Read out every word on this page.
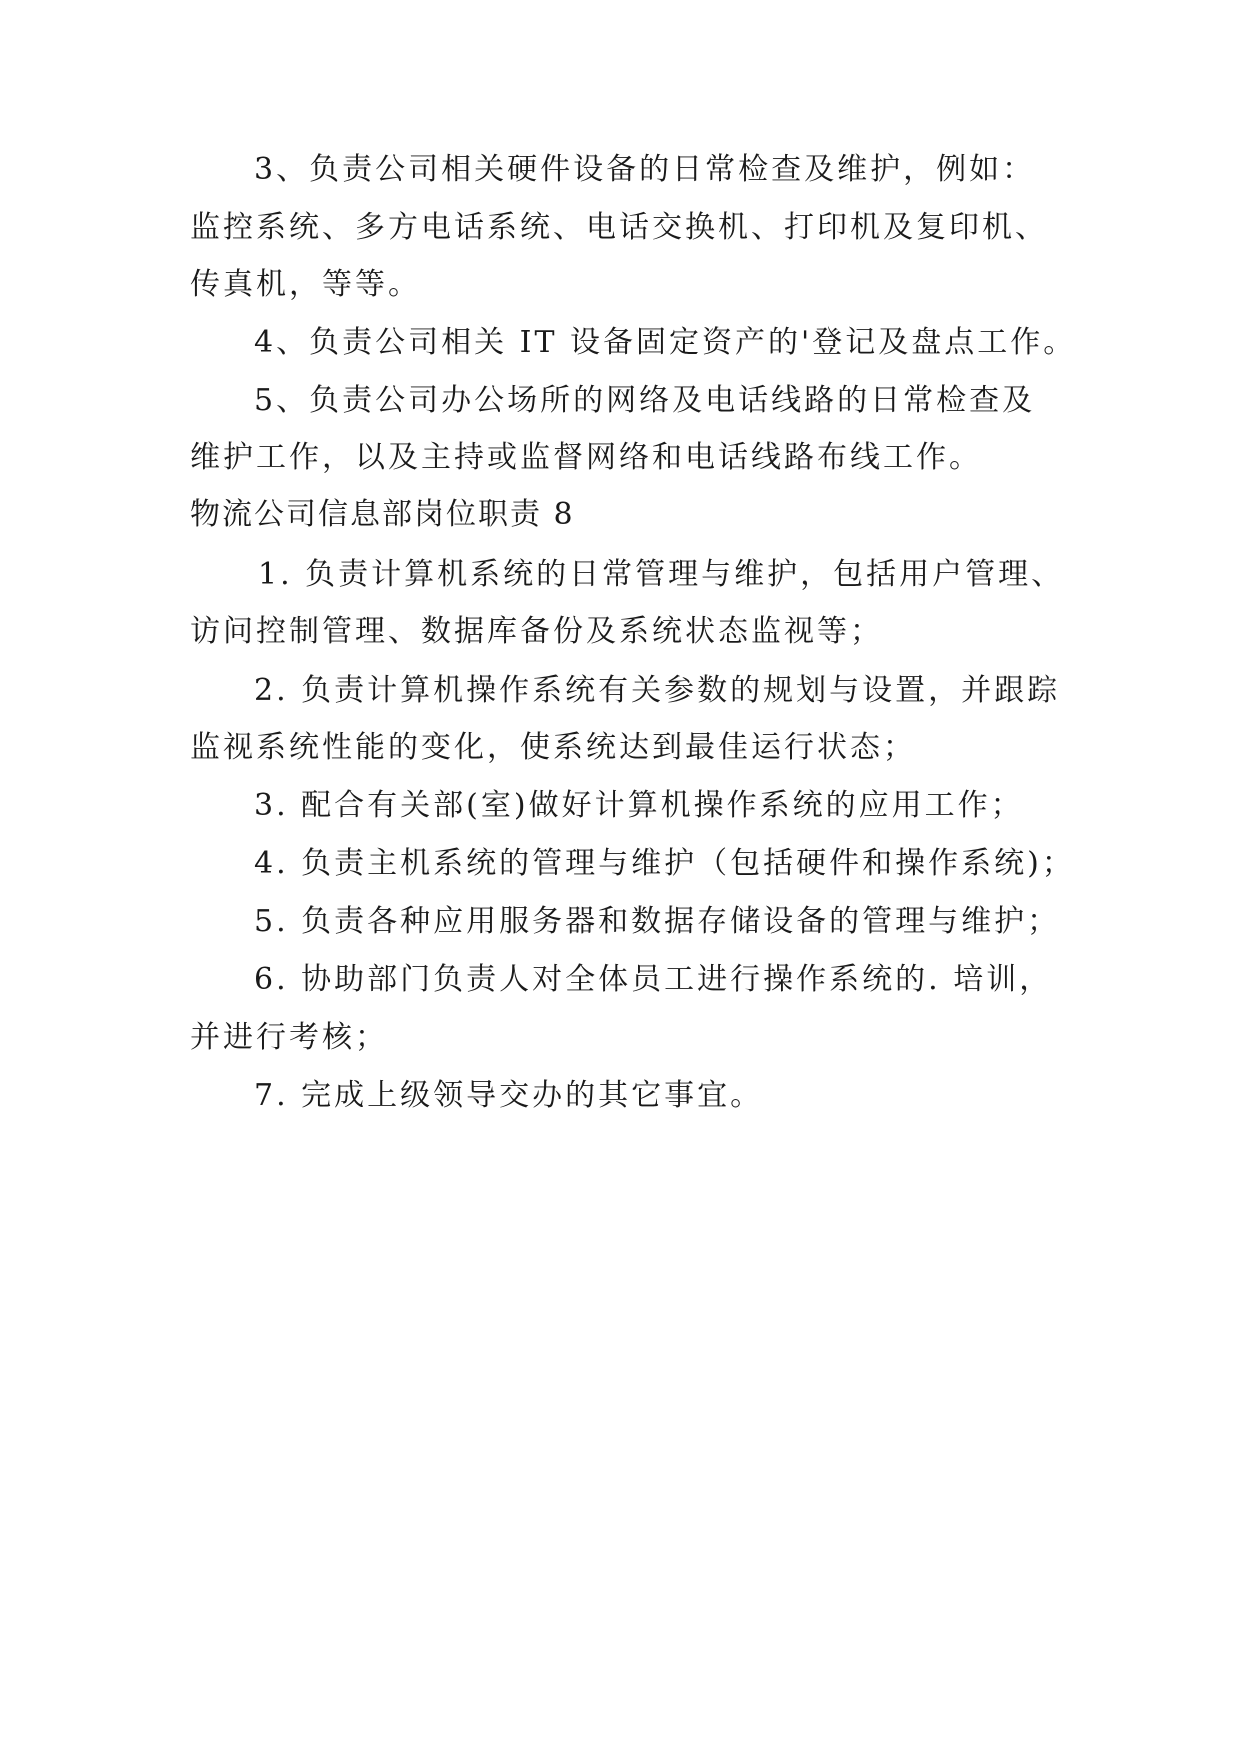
3、负责公司相关硬件设备的日常检查及维护，例如：
监控系统、多方电话系统、电话交换机、打印机及复印机、
传真机，等等。
4、负责公司相关 IT 设备固定资产的'登记及盘点工作。
5、负责公司办公场所的网络及电话线路的日常检查及
维护工作，以及主持或监督网络和电话线路布线工作。
物流公司信息部岗位职责 8
1. 负责计算机系统的日常管理与维护，包括用户管理、
访问控制管理、数据库备份及系统状态监视等；
2. 负责计算机操作系统有关参数的规划与设置，并跟踪
监视系统性能的变化，使系统达到最佳运行状态；
3. 配合有关部(室)做好计算机操作系统的应用工作；
4. 负责主机系统的管理与维护（包括硬件和操作系统)；
5. 负责各种应用服务器和数据存储设备的管理与维护；
6. 协助部门负责人对全体员工进行操作系统的. 培训，
并进行考核；
7. 完成上级领导交办的其它事宜。
